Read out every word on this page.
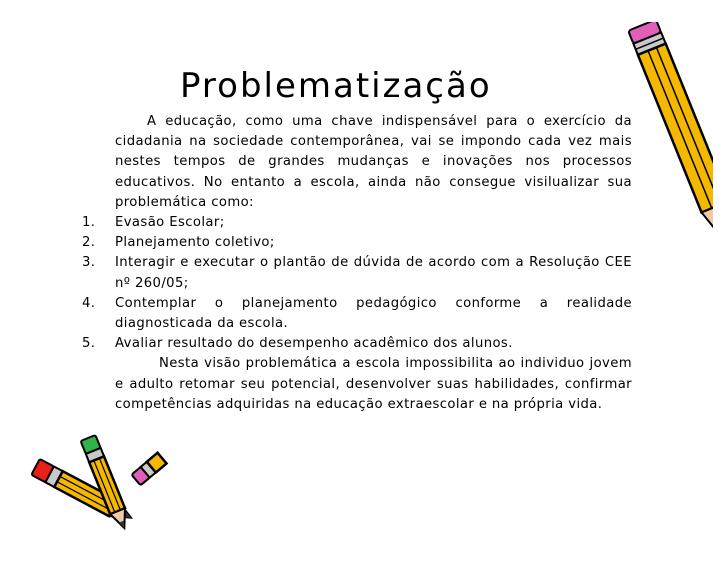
Problematização

A educação, como uma chave indispensável para o exercício da cidadania na sociedade contemporânea, vai se impondo cada vez mais nestes tempos de grandes mudanças e inovações nos processos educativos. No entanto a escola, ainda não consegue visilualizar sua problemática como:

1. Evasão Escolar;
2. Planejamento coletivo;
3. Interagir e executar o plantão de dúvida de acordo com a Resolução CEE nº 260/05;
4. Contemplar o planejamento pedagógico conforme a realidade diagnosticada da escola.
5. Avaliar resultado do desempenho acadêmico dos alunos.

Nesta visão problemática a escola impossibilita ao individuo jovem e adulto retomar seu potencial, desenvolver suas habilidades, confirmar competências adquiridas na educação extraescolar e na própria vida.
